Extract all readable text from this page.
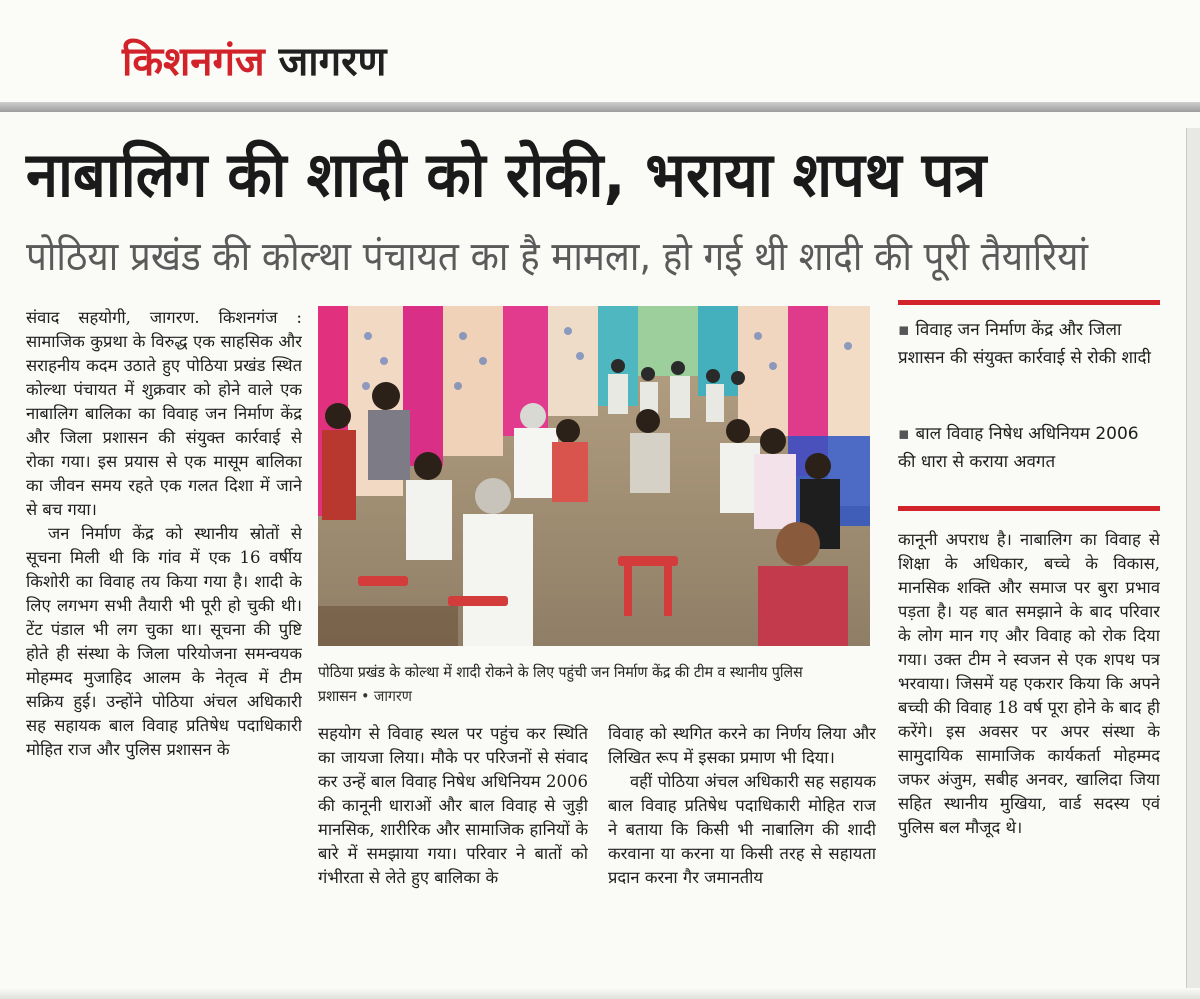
किशनगंज जागरण
नाबालिग की शादी को रोकी, भराया शपथ पत्र
पोठिया प्रखंड की कोल्था पंचायत का है मामला, हो गई थी शादी की पूरी तैयारियां

संवाद सहयोगी, जागरण. किशनगंज : सामाजिक कुप्रथा के विरुद्ध एक साहसिक और सराहनीय कदम उठाते हुए पोठिया प्रखंड स्थित कोल्था पंचायत में शुक्रवार को होने वाले एक नाबालिग बालिका का विवाह जन निर्माण केंद्र और जिला प्रशासन की संयुक्त कार्रवाई से रोका गया। इस प्रयास से एक मासूम बालिका का जीवन समय रहते एक गलत दिशा में जाने से बच गया।

जन निर्माण केंद्र को स्थानीय स्रोतों से सूचना मिली थी कि गांव में एक 16 वर्षीय किशोरी का विवाह तय किया गया है। शादी के लिए लगभग सभी तैयारी भी पूरी हो चुकी थी। टेंट पंडाल भी लग चुका था। सूचना की पुष्टि होते ही संस्था के जिला परियोजना समन्वयक मोहम्मद मुजाहिद आलम के नेतृत्व में टीम सक्रिय हुई। उन्होंने पोठिया अंचल अधिकारी सह सहायक बाल विवाह प्रतिषेध पदाधिकारी मोहित राज और पुलिस प्रशासन के

पोठिया प्रखंड के कोल्था में शादी रोकने के लिए पहुंची जन निर्माण केंद्र की टीम व स्थानीय पुलिस प्रशासन • जागरण
▪ विवाह जन निर्माण केंद्र और जिला प्रशासन की संयुक्त कार्रवाई से रोकी शादी
▪ बाल विवाह निषेध अधिनियम 2006 की धारा से कराया अवगत

सहयोग से विवाह स्थल पर पहुंच कर स्थिति का जायजा लिया। मौके पर परिजनों से संवाद कर उन्हें बाल विवाह निषेध अधिनियम 2006 की कानूनी धाराओं और बाल विवाह से जुड़ी मानसिक, शारीरिक और सामाजिक हानियों के बारे में समझाया गया। परिवार ने बातों को गंभीरता से लेते हुए बालिका के

विवाह को स्थगित करने का निर्णय लिया और लिखित रूप में इसका प्रमाण भी दिया।

वहीं पोठिया अंचल अधिकारी सह सहायक बाल विवाह प्रतिषेध पदाधिकारी मोहित राज ने बताया कि किसी भी नाबालिग की शादी करवाना या करना या किसी तरह से सहायता प्रदान करना गैर जमानतीय

कानूनी अपराध है। नाबालिग का विवाह से शिक्षा के अधिकार, बच्चे के विकास, मानसिक शक्ति और समाज पर बुरा प्रभाव पड़ता है। यह बात समझाने के बाद परिवार के लोग मान गए और विवाह को रोक दिया गया। उक्त टीम ने स्वजन से एक शपथ पत्र भरवाया। जिसमें यह एकरार किया कि अपने बच्ची की विवाह 18 वर्ष पूरा होने के बाद ही करेंगे। इस अवसर पर अपर संस्था के सामुदायिक सामाजिक कार्यकर्ता मोहम्मद जफर अंजुम, सबीह अनवर, खालिदा जिया सहित स्थानीय मुखिया, वार्ड सदस्य एवं पुलिस बल मौजूद थे।
